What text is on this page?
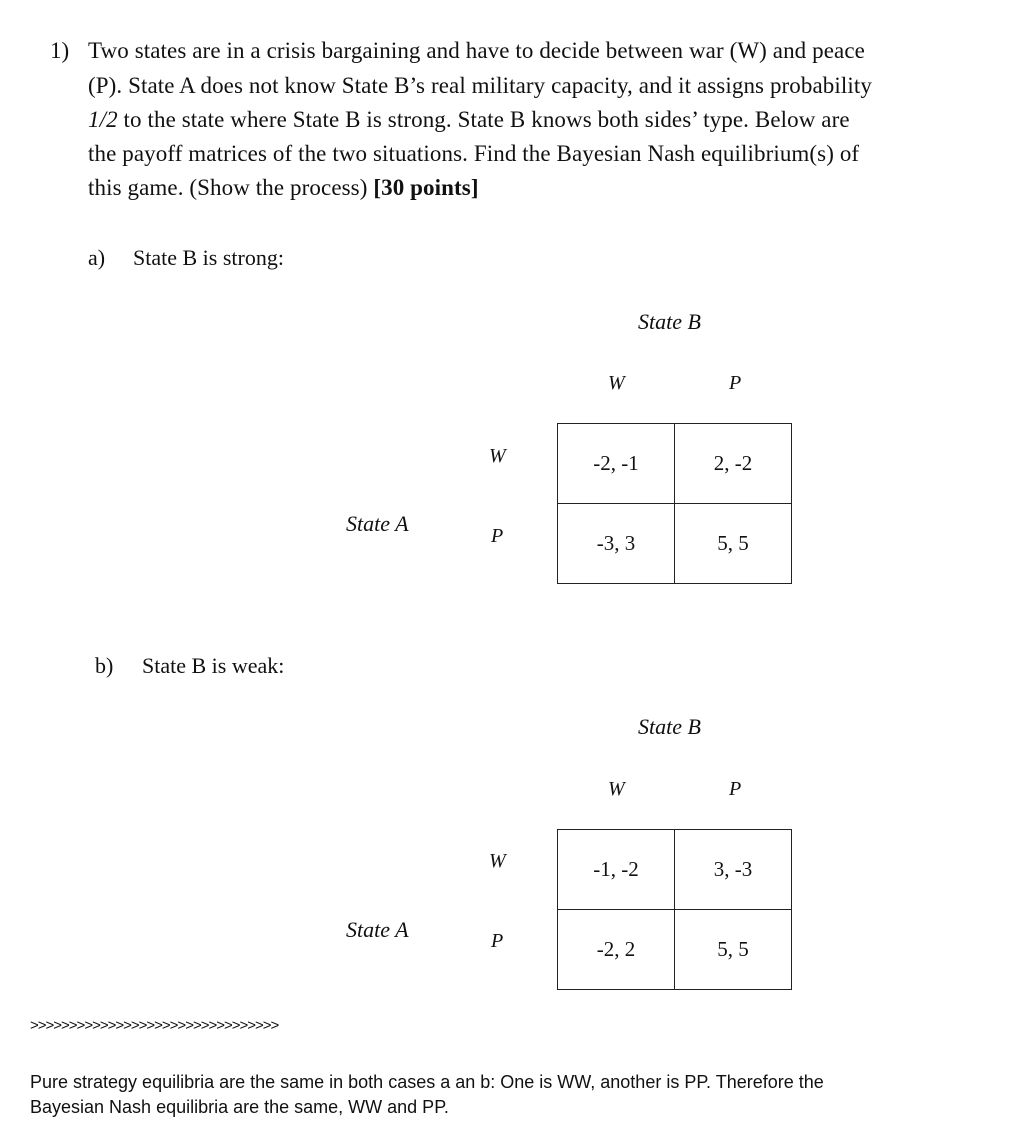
1) Two states are in a crisis bargaining and have to decide between war (W) and peace
(P). State A does not know State B’s real military capacity, and it assigns probability
1/2 to the state where State B is strong. State B knows both sides’ type. Below are
the payoff matrices of the two situations. Find the Bayesian Nash equilibrium(s) of
this game. (Show the process) [30 points]
a) State B is strong:
State B
W	P
State A
W
P
-2, -1	2, -2
-3, 3	5, 5
b) State B is weak:
State B
W	P
State A
W
P
-1, -2	3, -3
-2, 2	5, 5
>>>>>>>>>>>>>>>>>>>>>>>>>>>>>>>>
Pure strategy equilibria are the same in both cases a an b: One is WW, another is PP. Therefore the
Bayesian Nash equilibria are the same, WW and PP.
